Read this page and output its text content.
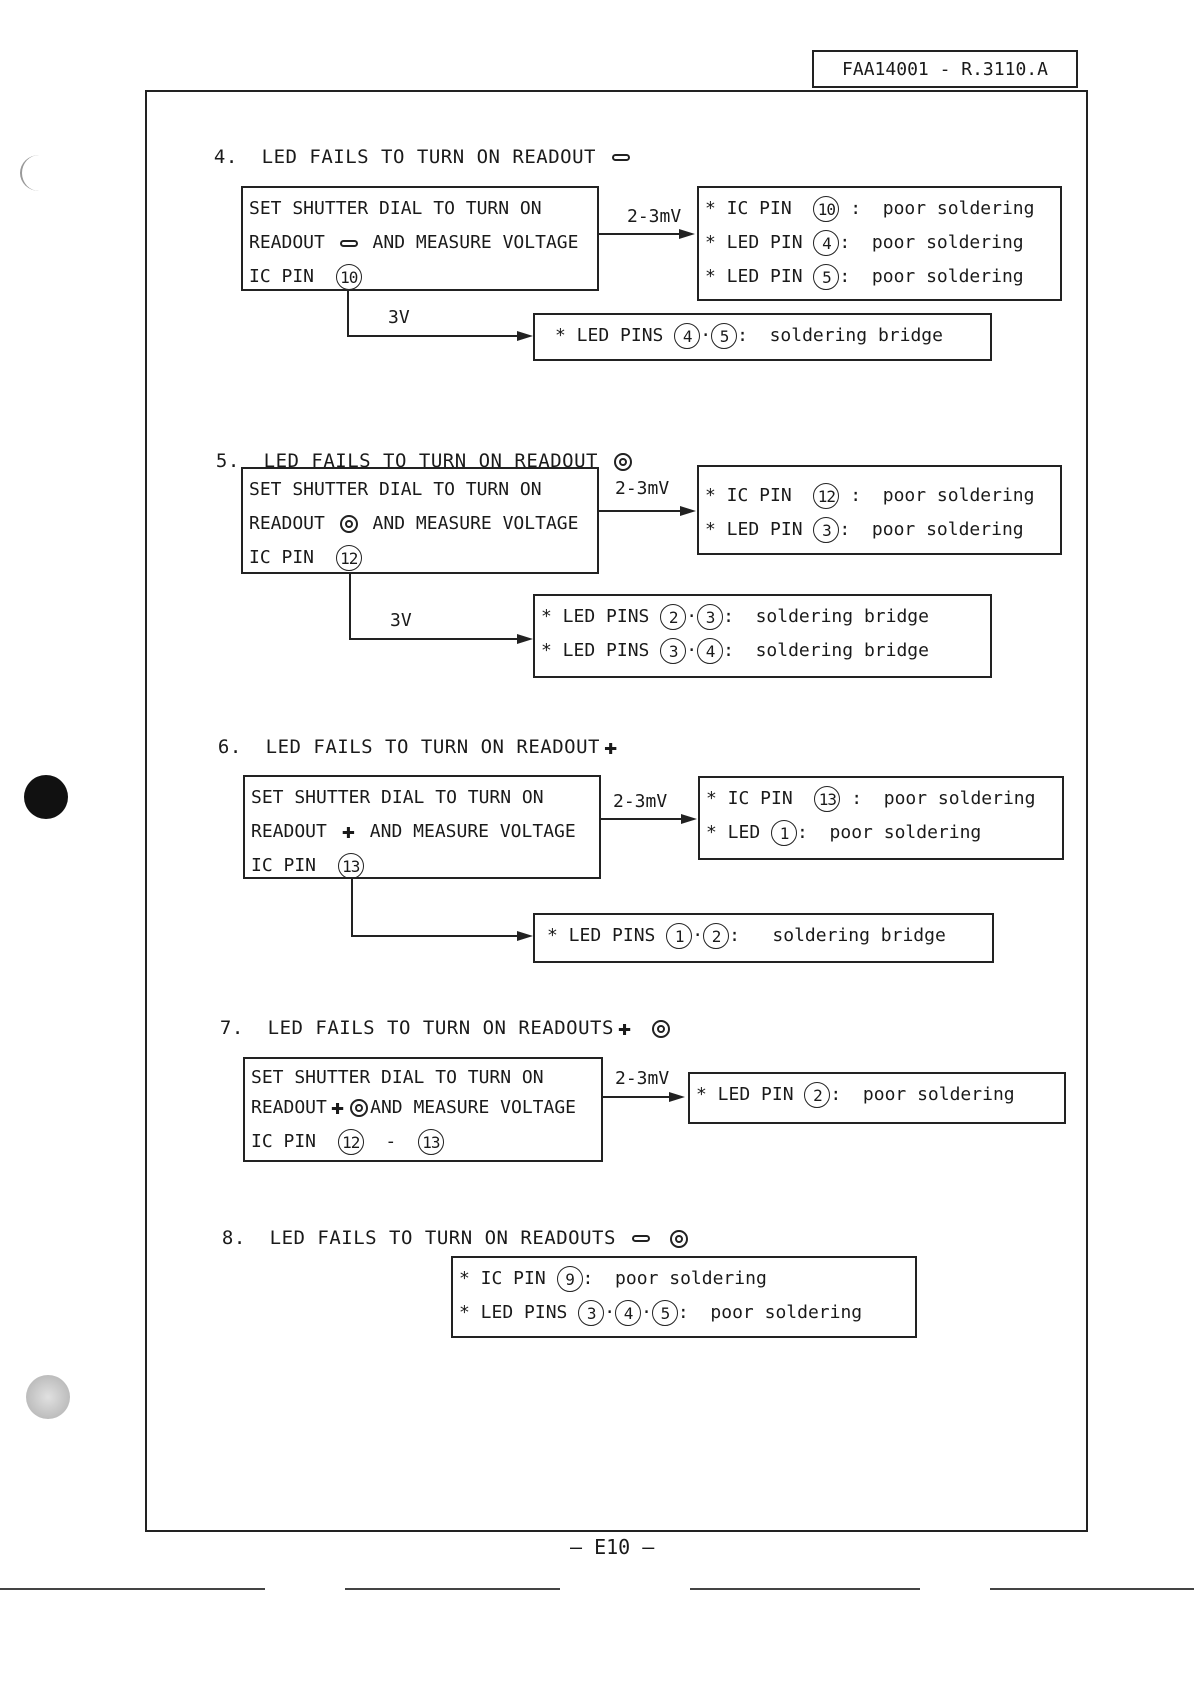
FAA14001 - R.3110.A

4. LED FAILS TO TURN ON READOUT

SET SHUTTER DIAL TO TURN ON
READOUT	AND MEASURE VOLTAGE
IC PIN 10
2-3mV * IC PIN 10 :  poor soldering
* LED PIN 4 :  poor soldering
* LED PIN 5 :  poor soldering
3V
* LED PINS 4 · 5 :  soldering bridge

5. LED FAILS TO TURN ON READOUT

SET SHUTTER DIAL TO TURN ON
READOUT	AND MEASURE VOLTAGE
IC PIN 12
2-3mV * IC PIN 12 :  poor soldering
* LED PIN 3 :  poor soldering
3V	* LED PINS 2 · 3 :  soldering bridge
* LED PINS 3 · 4 :  soldering bridge

6. LED FAILS TO TURN ON READOUT ✚

SET SHUTTER DIAL TO TURN ON
READOUT ✚ AND MEASURE VOLTAGE
IC PIN 13
2-3mV * IC PIN 13 :  poor soldering
* LED 1 :  poor soldering
* LED PINS 1 · 2 :   soldering bridge

7. LED FAILS TO TURN ON READOUTS ✚

SET SHUTTER DIAL TO TURN ON
READOUT ✚ AND MEASURE VOLTAGE
IC PIN 12 - 13
2-3mV
* LED PIN 2 :  poor soldering

8. LED FAILS TO TURN ON READOUTS

* IC PIN 9 :  poor soldering
* LED PINS 3 · 4 · 5 :  poor soldering
— E10 —
